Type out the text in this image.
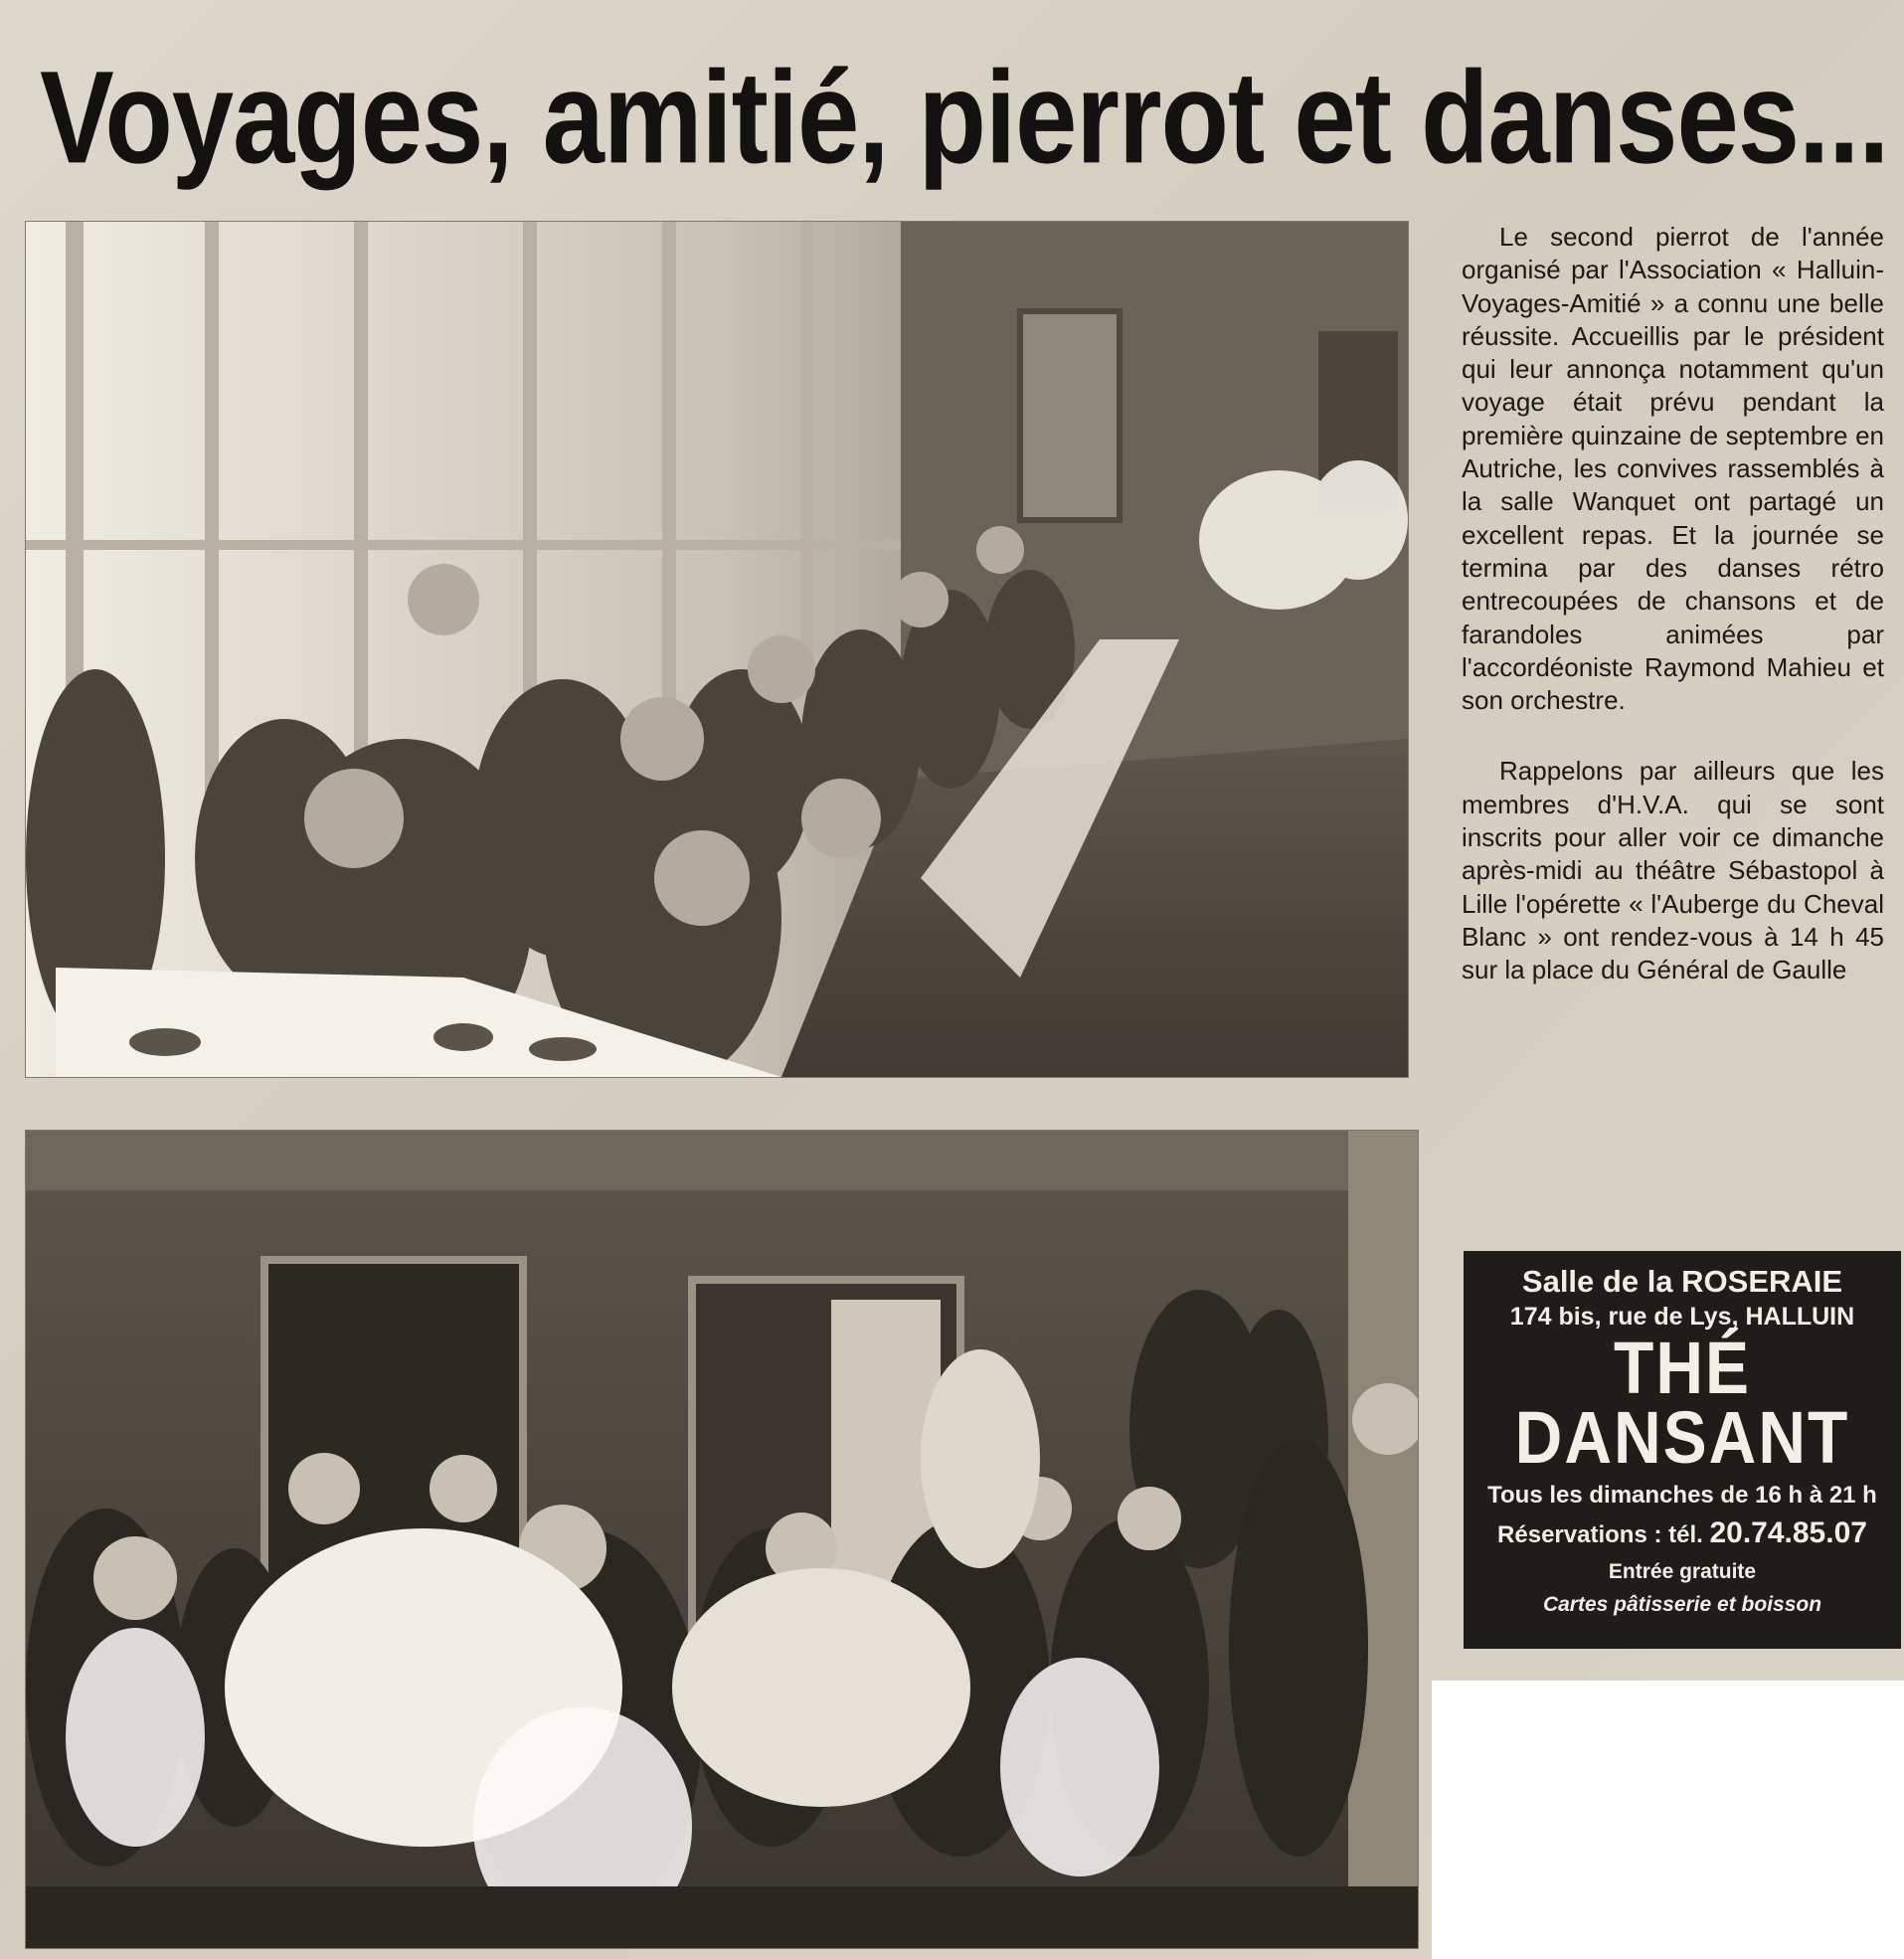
Voyages, amitié, pierrot et danses...

Le second pierrot de l'année organisé par l'Association « Halluin-Voyages-Amitié » a connu une belle réussite. Accueillis par le président qui leur annonça notamment qu'un voyage était prévu pendant la première quinzaine de septembre en Autriche, les convives rassemblés à la salle Wanquet ont partagé un excellent repas. Et la journée se termina par des danses rétro entrecoupées de chansons et de farandoles animées par l'accordéoniste Raymond Mahieu et son orchestre.

Rappelons par ailleurs que les membres d'H.V.A. qui se sont inscrits pour aller voir ce dimanche après-midi au théâtre Sébastopol à Lille l'opérette « l'Auberge du Cheval Blanc » ont rendez-vous à 14 h 45 sur la place du Général de Gaulle

Salle de la ROSERAIE
174 bis, rue de Lys, HALLUIN
THÉ
DANSANT
Tous les dimanches de 16 h à 21 h
Réservations : tél. 20.74.85.07
Entrée gratuite
Cartes pâtisserie et boisson
